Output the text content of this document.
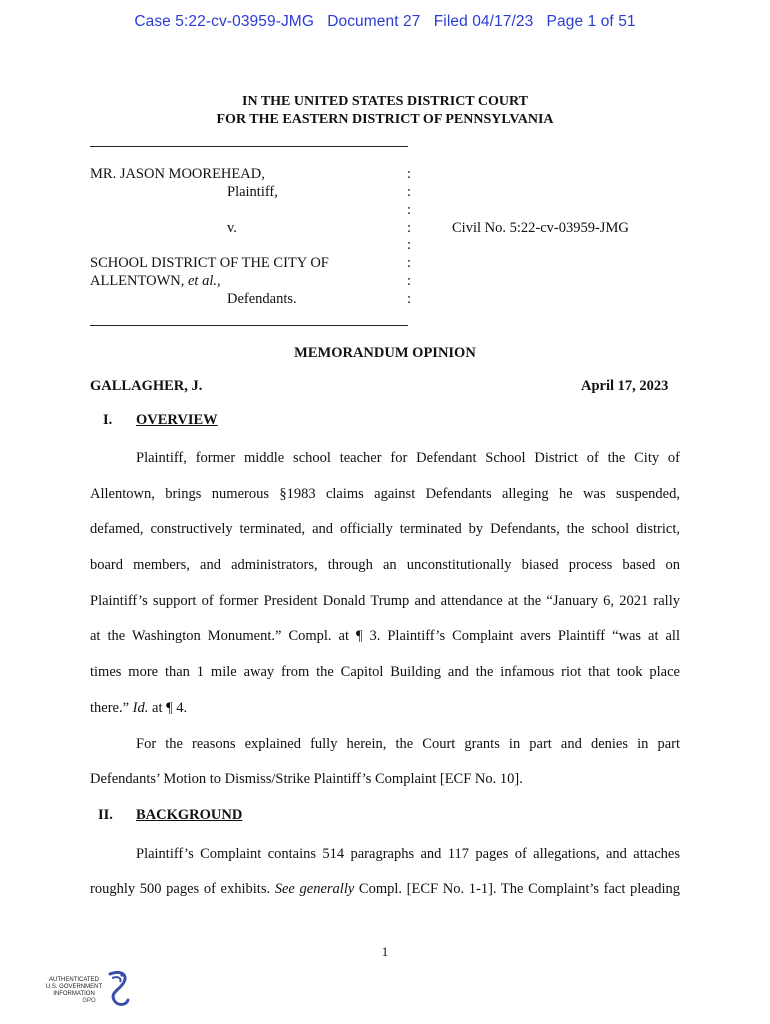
Case 5:22-cv-03959-JMG   Document 27   Filed 04/17/23   Page 1 of 51
IN THE UNITED STATES DISTRICT COURT
FOR THE EASTERN DISTRICT OF PENNSYLVANIA
MR. JASON MOOREHEAD,
Plaintiff,
v.
SCHOOL DISTRICT OF THE CITY OF
ALLENTOWN, et al.,
Defendants.
:
:
:
:
:
:
:
:
Civil No. 5:22-cv-03959-JMG
MEMORANDUM OPINION
GALLAGHER, J.	April 17, 2023
I. OVERVIEW
Plaintiff, former middle school teacher for Defendant School District of the City of
Allentown, brings numerous §1983 claims against Defendants alleging he was suspended,
defamed, constructively terminated, and officially terminated by Defendants, the school district,
board members, and administrators, through an unconstitutionally biased process based on
Plaintiff’s support of former President Donald Trump and attendance at the “January 6, 2021 rally
at the Washington Monument.” Compl. at ¶ 3. Plaintiff’s Complaint avers Plaintiff “was at all
times more than 1 mile away from the Capitol Building and the infamous riot that took place
there.” Id. at ¶ 4.
For the reasons explained fully herein, the Court grants in part and denies in part
Defendants’ Motion to Dismiss/Strike Plaintiff’s Complaint [ECF No. 10].
II. BACKGROUND
Plaintiff’s Complaint contains 514 paragraphs and 117 pages of allegations, and attaches
roughly 500 pages of exhibits. See generally Compl. [ECF No. 1-1]. The Complaint’s fact pleading
1
AUTHENTICATED
U.S. GOVERNMENT
INFORMATION
GPO
